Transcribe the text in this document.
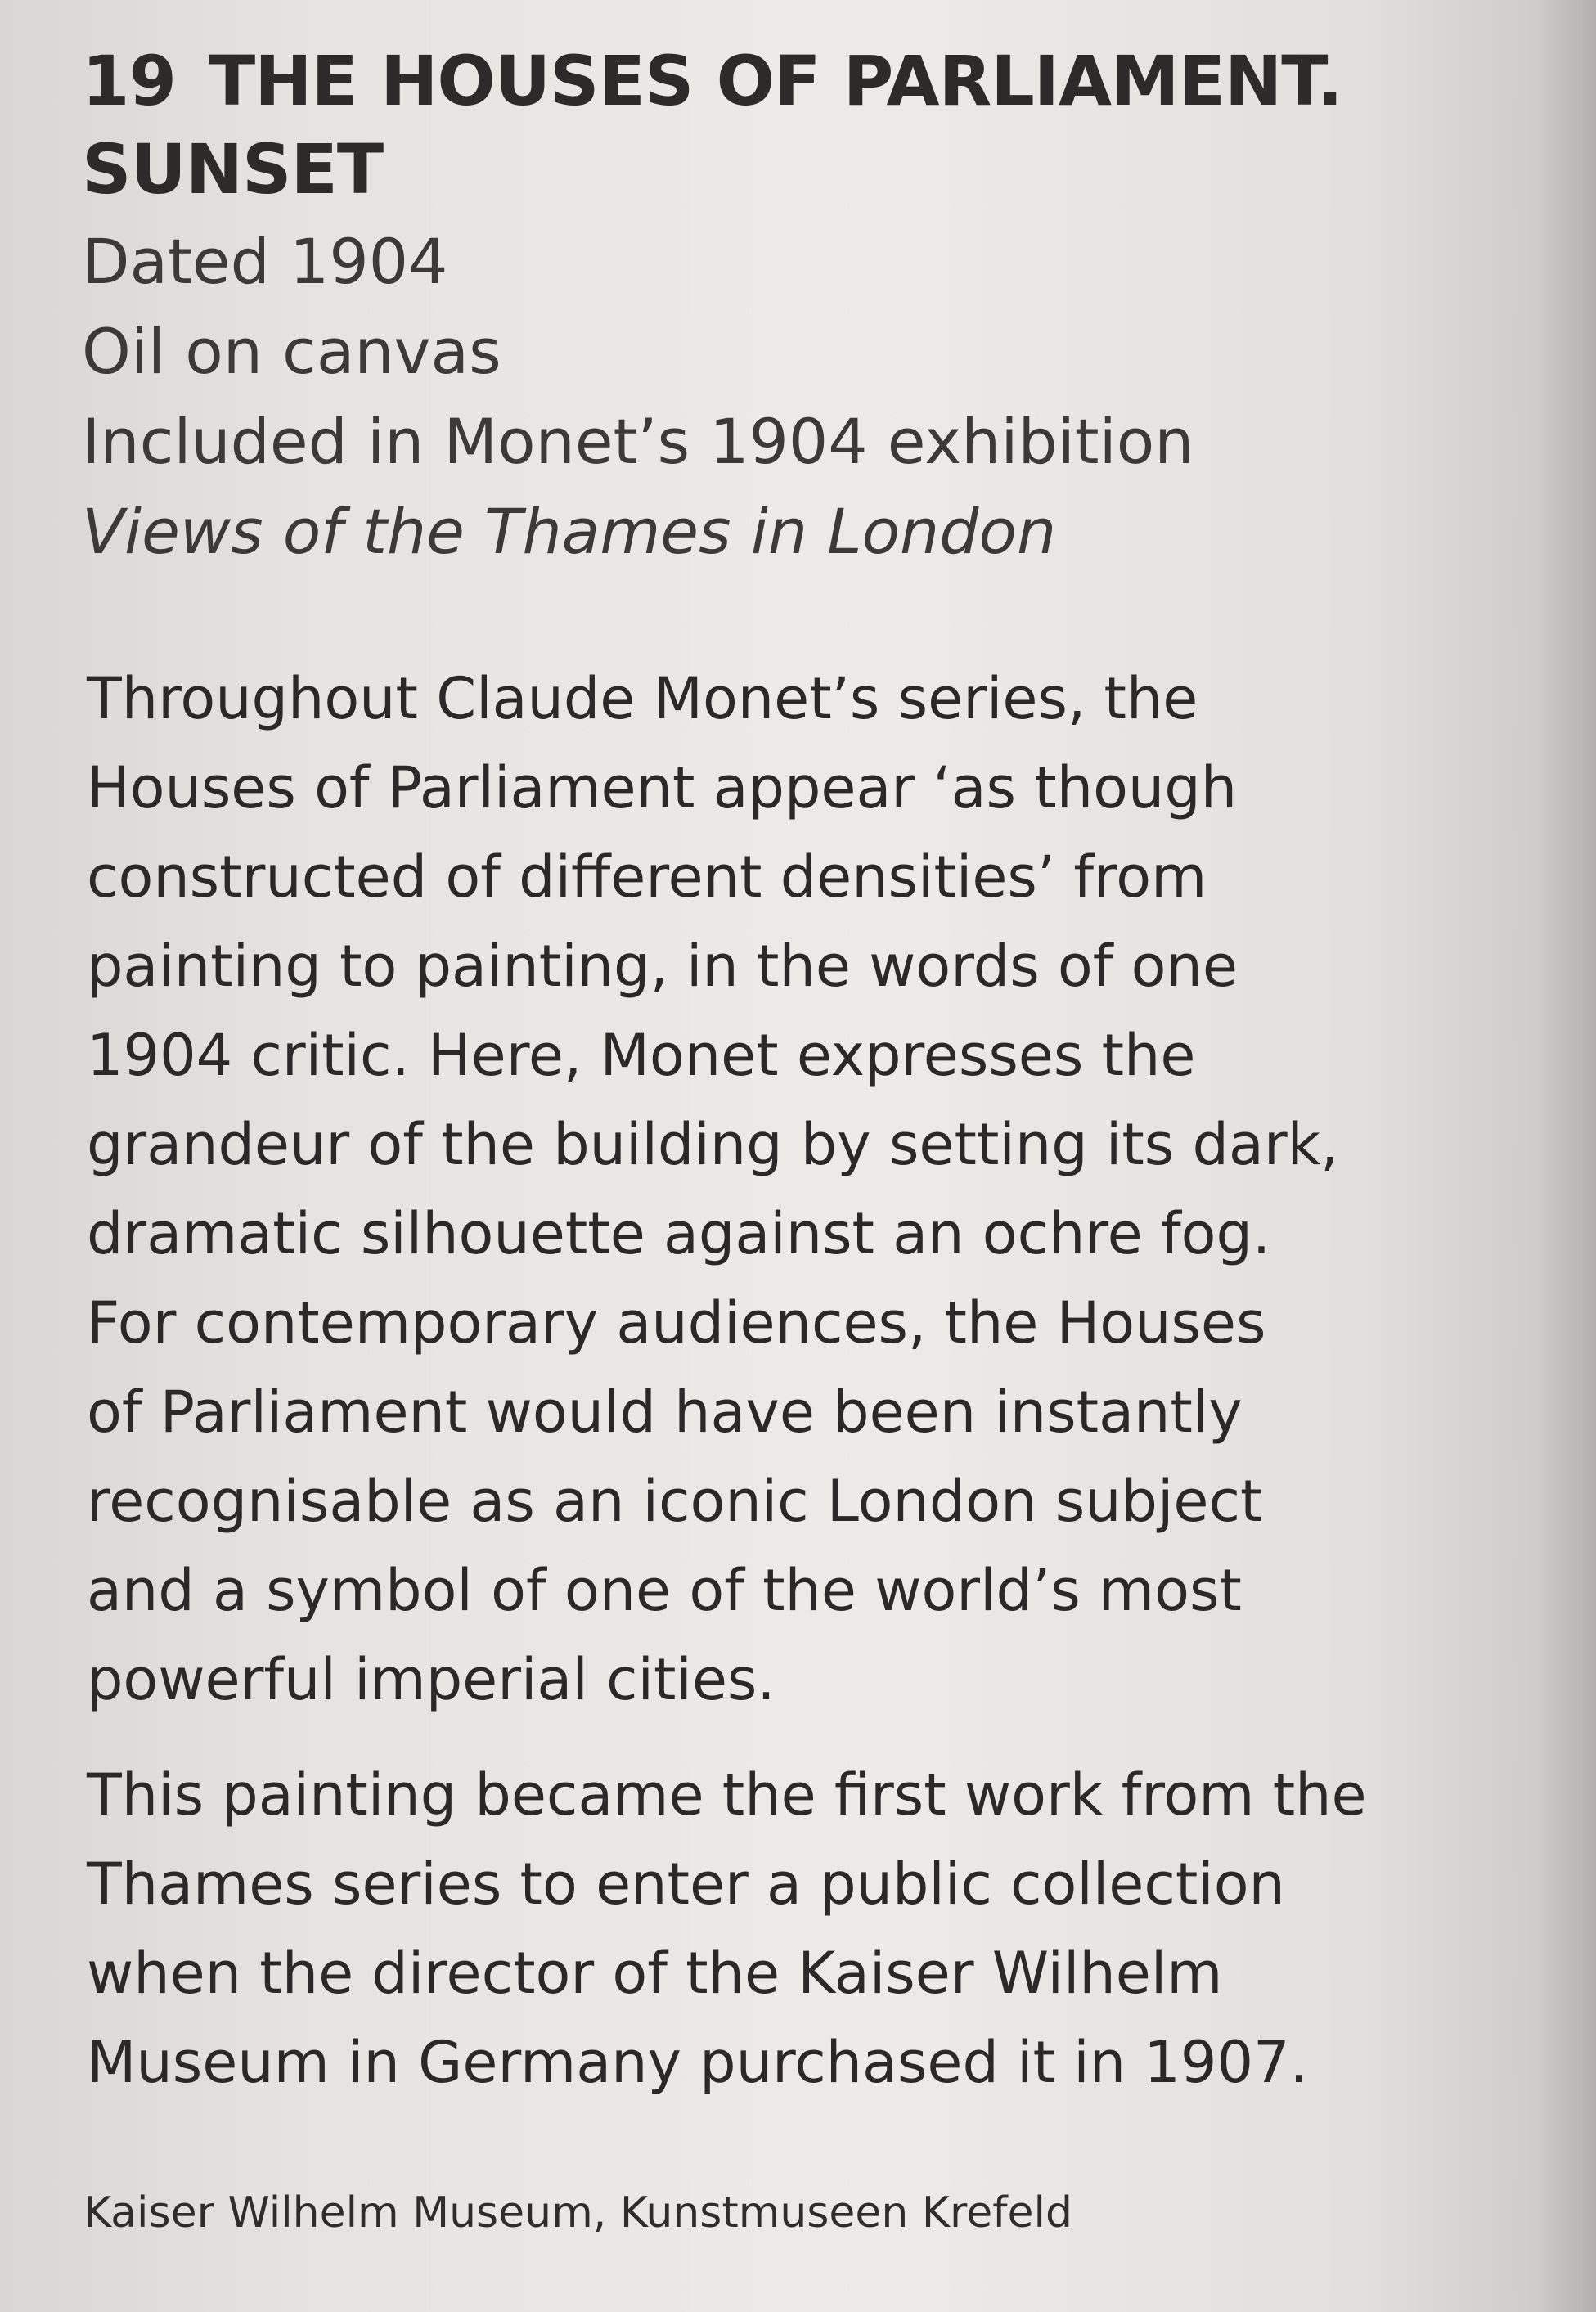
19 THE HOUSES OF PARLIAMENT.
SUNSET
Dated 1904
Oil on canvas
Included in Monet’s 1904 exhibition
Views of the Thames in London

Throughout Claude Monet’s series, the
Houses of Parliament appear ‘as though
constructed of different densities’ from
painting to painting, in the words of one
1904 critic. Here, Monet expresses the
grandeur of the building by setting its dark,
dramatic silhouette against an ochre fog.
For contemporary audiences, the Houses
of Parliament would have been instantly
recognisable as an iconic London subject
and a symbol of one of the world’s most
powerful imperial cities.

This painting became the first work from the
Thames series to enter a public collection
when the director of the Kaiser Wilhelm
Museum in Germany purchased it in 1907.

Kaiser Wilhelm Museum, Kunstmuseen Krefeld
